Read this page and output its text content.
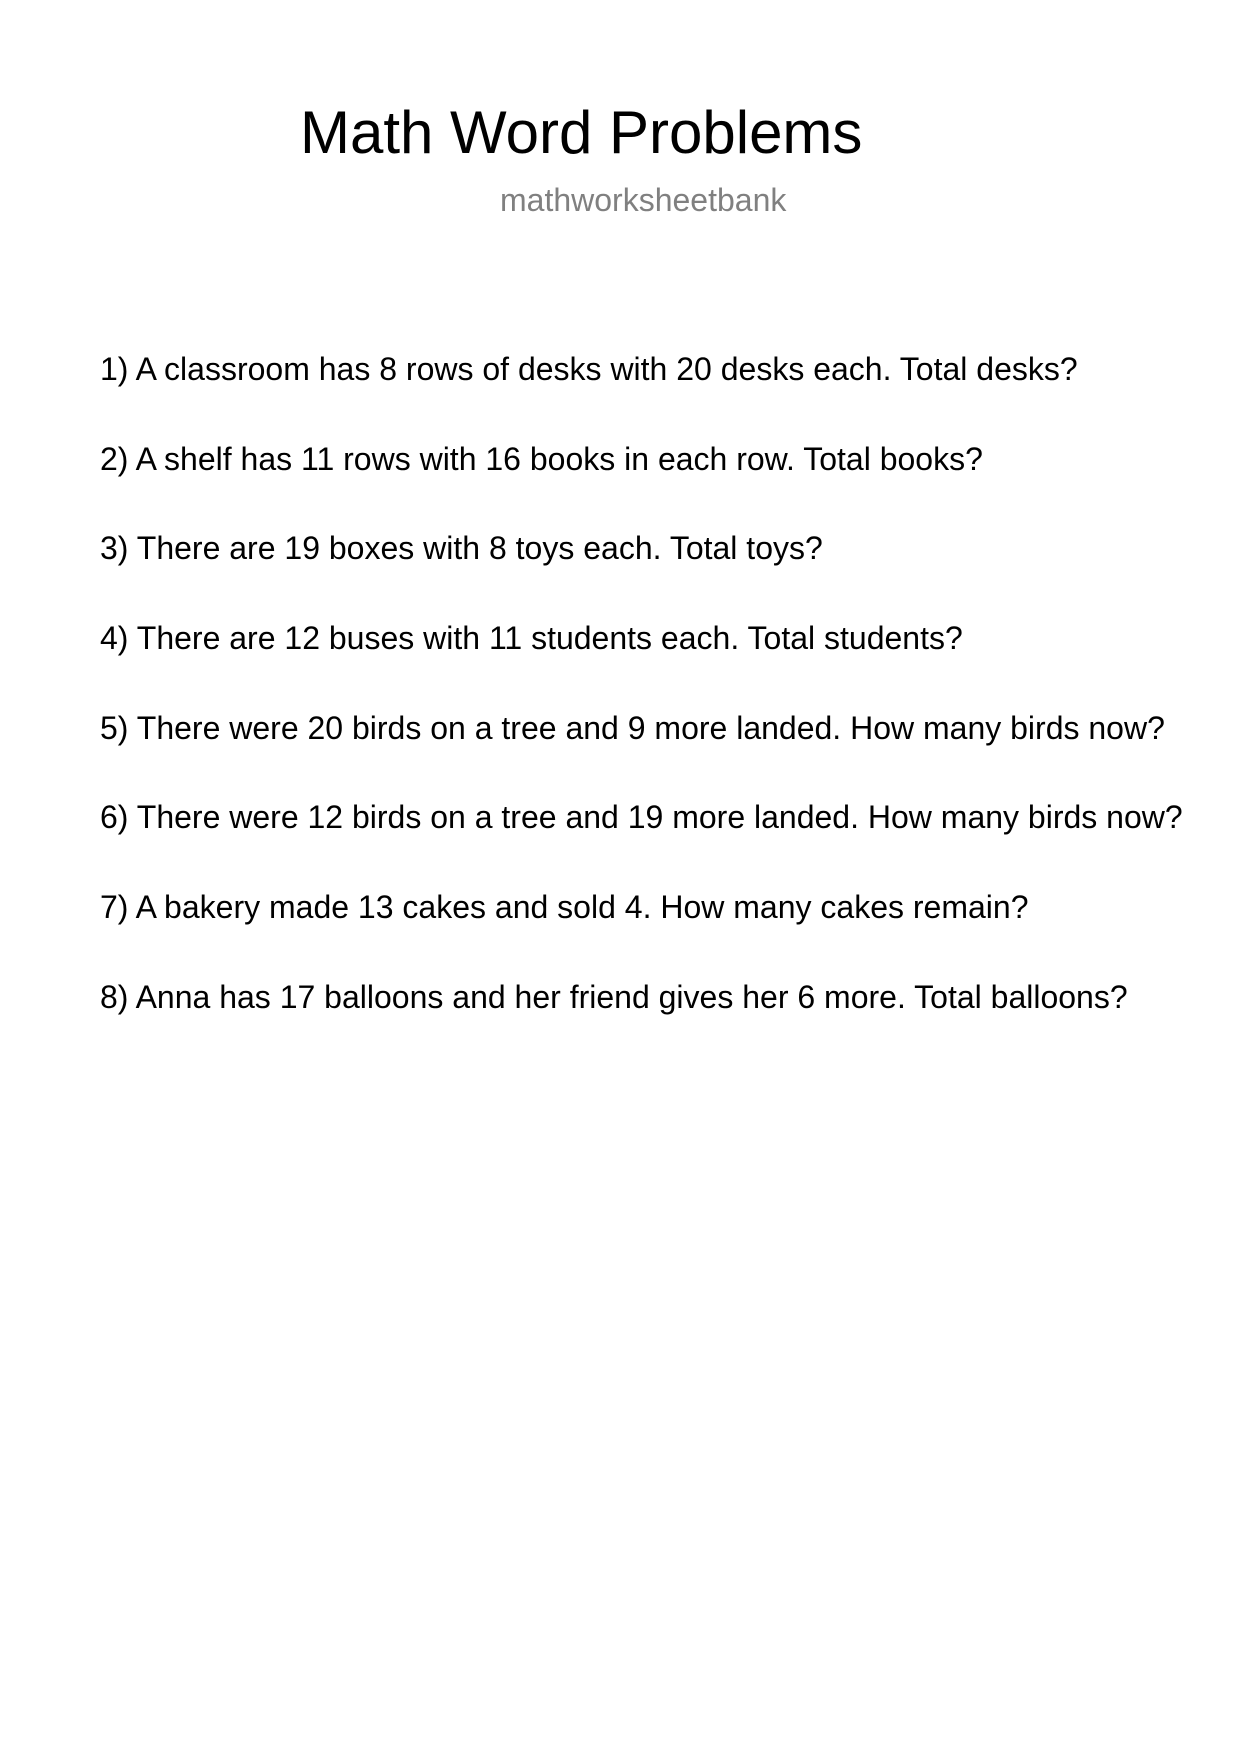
Math Word Problems
mathworksheetbank
1) A classroom has 8 rows of desks with 20 desks each. Total desks?
2) A shelf has 11 rows with 16 books in each row. Total books?
3) There are 19 boxes with 8 toys each. Total toys?
4) There are 12 buses with 11 students each. Total students?
5) There were 20 birds on a tree and 9 more landed. How many birds now?
6) There were 12 birds on a tree and 19 more landed. How many birds now?
7) A bakery made 13 cakes and sold 4. How many cakes remain?
8) Anna has 17 balloons and her friend gives her 6 more. Total balloons?
